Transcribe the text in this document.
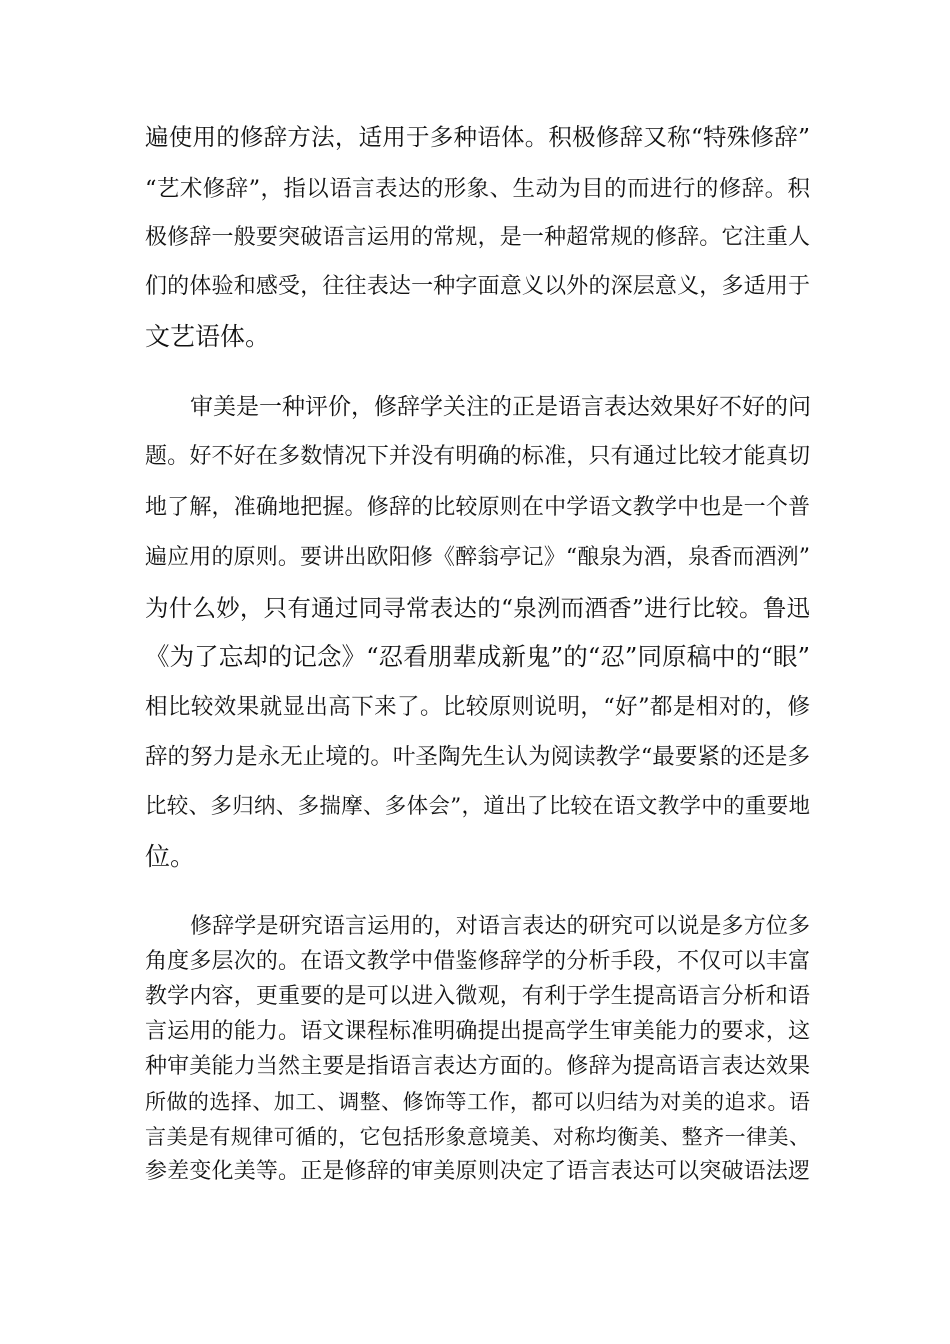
遍使用的修辞方法，适用于多种语体。积极修辞又称“特殊修辞”
“艺术修辞”，指以语言表达的形象、生动为目的而进行的修辞。积
极修辞一般要突破语言运用的常规，是一种超常规的修辞。它注重人
们的体验和感受，往往表达一种字面意义以外的深层意义，多适用于
文艺语体。
审美是一种评价，修辞学关注的正是语言表达效果好不好的问
题。好不好在多数情况下并没有明确的标准，只有通过比较才能真切
地了解，准确地把握。修辞的比较原则在中学语文教学中也是一个普
遍应用的原则。要讲出欧阳修《醉翁亭记》“酿泉为酒，泉香而酒洌”
为什么妙，只有通过同寻常表达的“泉洌而酒香”进行比较。鲁迅
《为了忘却的记念》“忍看朋辈成新鬼”的“忍”同原稿中的“眼”
相比较效果就显出高下来了。比较原则说明，“好”都是相对的，修
辞的努力是永无止境的。叶圣陶先生认为阅读教学“最要紧的还是多
比较、多归纳、多揣摩、多体会”，道出了比较在语文教学中的重要地
位。
修辞学是研究语言运用的，对语言表达的研究可以说是多方位多
角度多层次的。在语文教学中借鉴修辞学的分析手段，不仅可以丰富
教学内容，更重要的是可以进入微观，有利于学生提高语言分析和语
言运用的能力。语文课程标准明确提出提高学生审美能力的要求，这
种审美能力当然主要是指语言表达方面的。修辞为提高语言表达效果
所做的选择、加工、调整、修饰等工作，都可以归结为对美的追求。语
言美是有规律可循的，它包括形象意境美、对称均衡美、整齐一律美、
参差变化美等。正是修辞的审美原则决定了语言表达可以突破语法逻
